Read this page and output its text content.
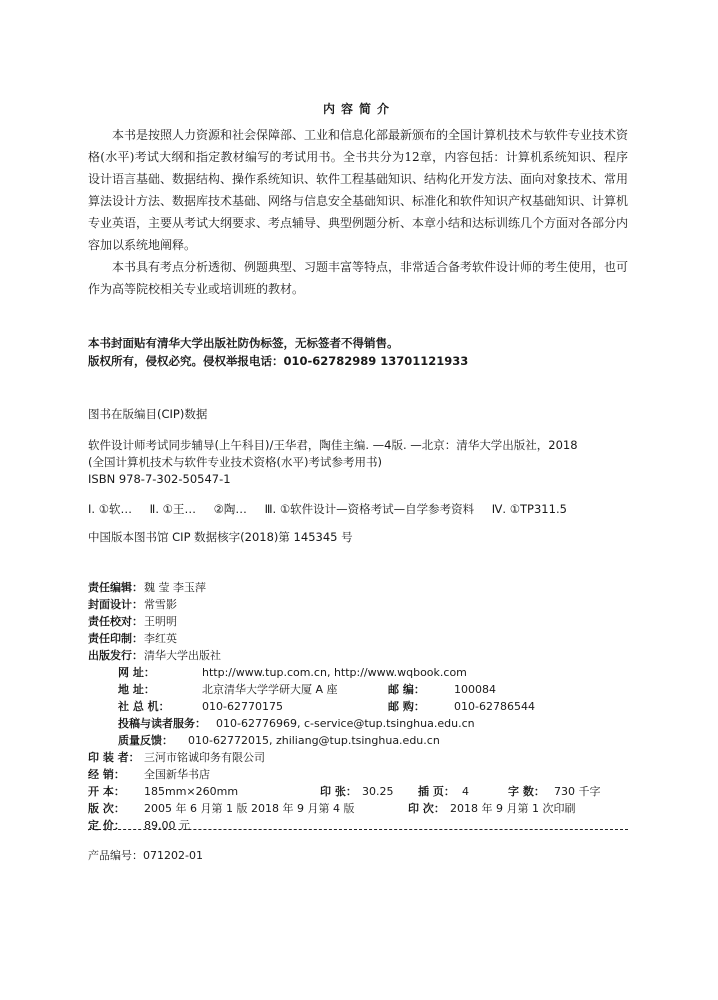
内容简介

本书是按照人力资源和社会保障部、工业和信息化部最新颁布的全国计算机技术与软件专业技术资格(水平)考试大纲和指定教材编写的考试用书。全书共分为12章，内容包括：计算机系统知识、程序设计语言基础、数据结构、操作系统知识、软件工程基础知识、结构化开发方法、面向对象技术、常用算法设计方法、数据库技术基础、网络与信息安全基础知识、标准化和软件知识产权基础知识、计算机专业英语，主要从考试大纲要求、考点辅导、典型例题分析、本章小结和达标训练几个方面对各部分内容加以系统地阐释。

本书具有考点分析透彻、例题典型、习题丰富等特点，非常适合备考软件设计师的考生使用，也可作为高等院校相关专业或培训班的教材。

本书封面贴有清华大学出版社防伪标签，无标签者不得销售。
版权所有，侵权必究。侵权举报电话：010-62782989 13701121933
图书在版编目(CIP)数据
软件设计师考试同步辅导(上午科目)/王华君，陶佳主编. —4版. —北京：清华大学出版社，2018
(全国计算机技术与软件专业技术资格(水平)考试参考用书)
ISBN 978-7-302-50547-1
Ⅰ. ①软… Ⅱ. ①王… ②陶… Ⅲ. ①软件设计—资格考试—自学参考资料 Ⅳ. ①TP311.5
中国版本图书馆 CIP 数据核字(2018)第 145345 号
责任编辑： 魏 莹 李玉萍
封面设计： 常雪影
责任校对： 王明明
责任印制： 李红英
出版发行： 清华大学出版社
网 址：	http://www.tup.com.cn, http://www.wqbook.com
地 址：	北京清华大学学研大厦 A 座	邮 编：	100084
社 总 机：	010-62770175	邮 购：	010-62786544
投稿与读者服务： 010-62776969, c-service@tup.tsinghua.edu.cn
质量反馈： 010-62772015, zhiliang@tup.tsinghua.edu.cn
印 装 者： 三河市铭诚印务有限公司
经 销： 全国新华书店
开 本： 185mm×260mm	印 张： 30.25 插 页： 4	字 数： 730 千字
版 次： 2005 年 6 月第 1 版 2018 年 9 月第 4 版	印 次： 2018 年 9 月第 1 次印刷
定 价： 89.00 元
产品编号：071202-01
